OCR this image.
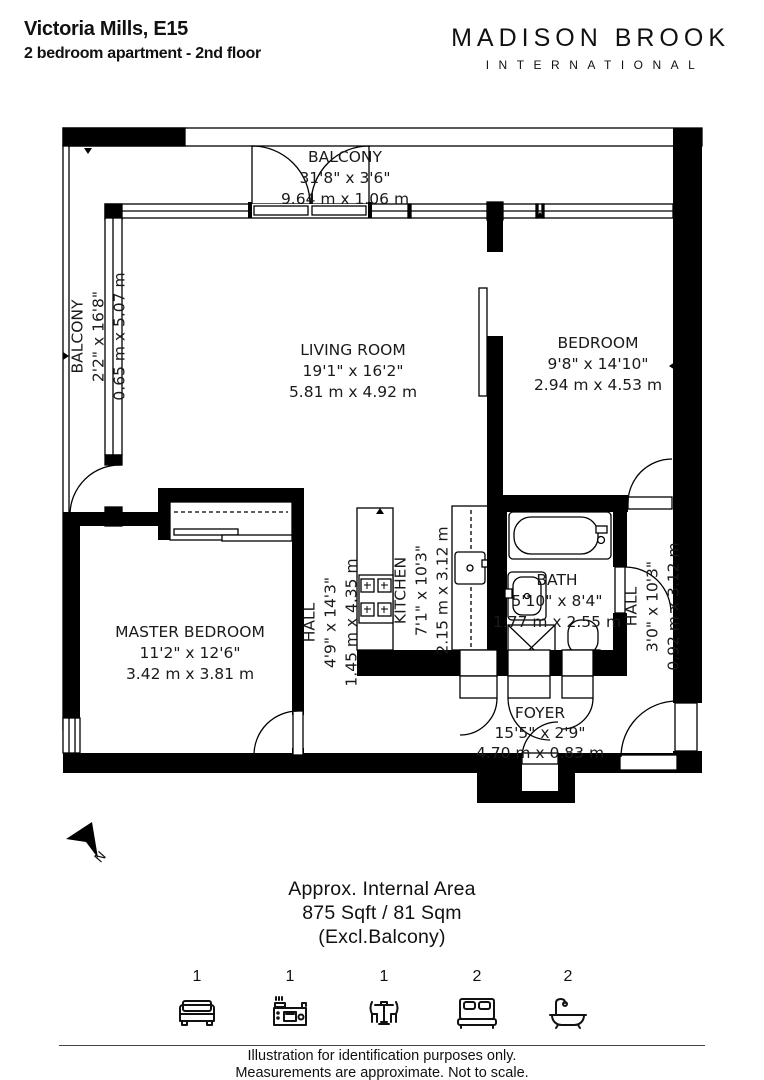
Victoria Mills, E15
2 bedroom apartment - 2nd floor
MADISON BROOK
INTERNATIONAL
BALCONY
31'8" x 3'6"
9.64 m x 1.06 m
BALCONY 2'2" x 16'8" 0.65 m x 5.07 m	LIVING ROOM
19'1" x 16'2"
5.81 m x 4.92 m
BEDROOM
9'8" x 14'10"
2.94 m x 4.53 m
MASTER BEDROOM
11'2" x 12'6"
3.42 m x 3.81 m
KITCHEN 7'1" x 10'3" 2.15 m x 3.12 m
HALL 4'9" x 14'3" 1.45 m x 4.35 m	BATH
5'10" x 8'4"
1.77 m x 2.55 m HALL 3'0" x 10'3" 0.92 m x 3.12 m
FOYER
15'5" x 2'9"
4.70 m x 0.83 m
N
Approx. Internal Area
875 Sqft / 81 Sqm
(Excl.Balcony)
1	1	1	2	2
Illustration for identification purposes only.
Measurements are approximate. Not to scale.
